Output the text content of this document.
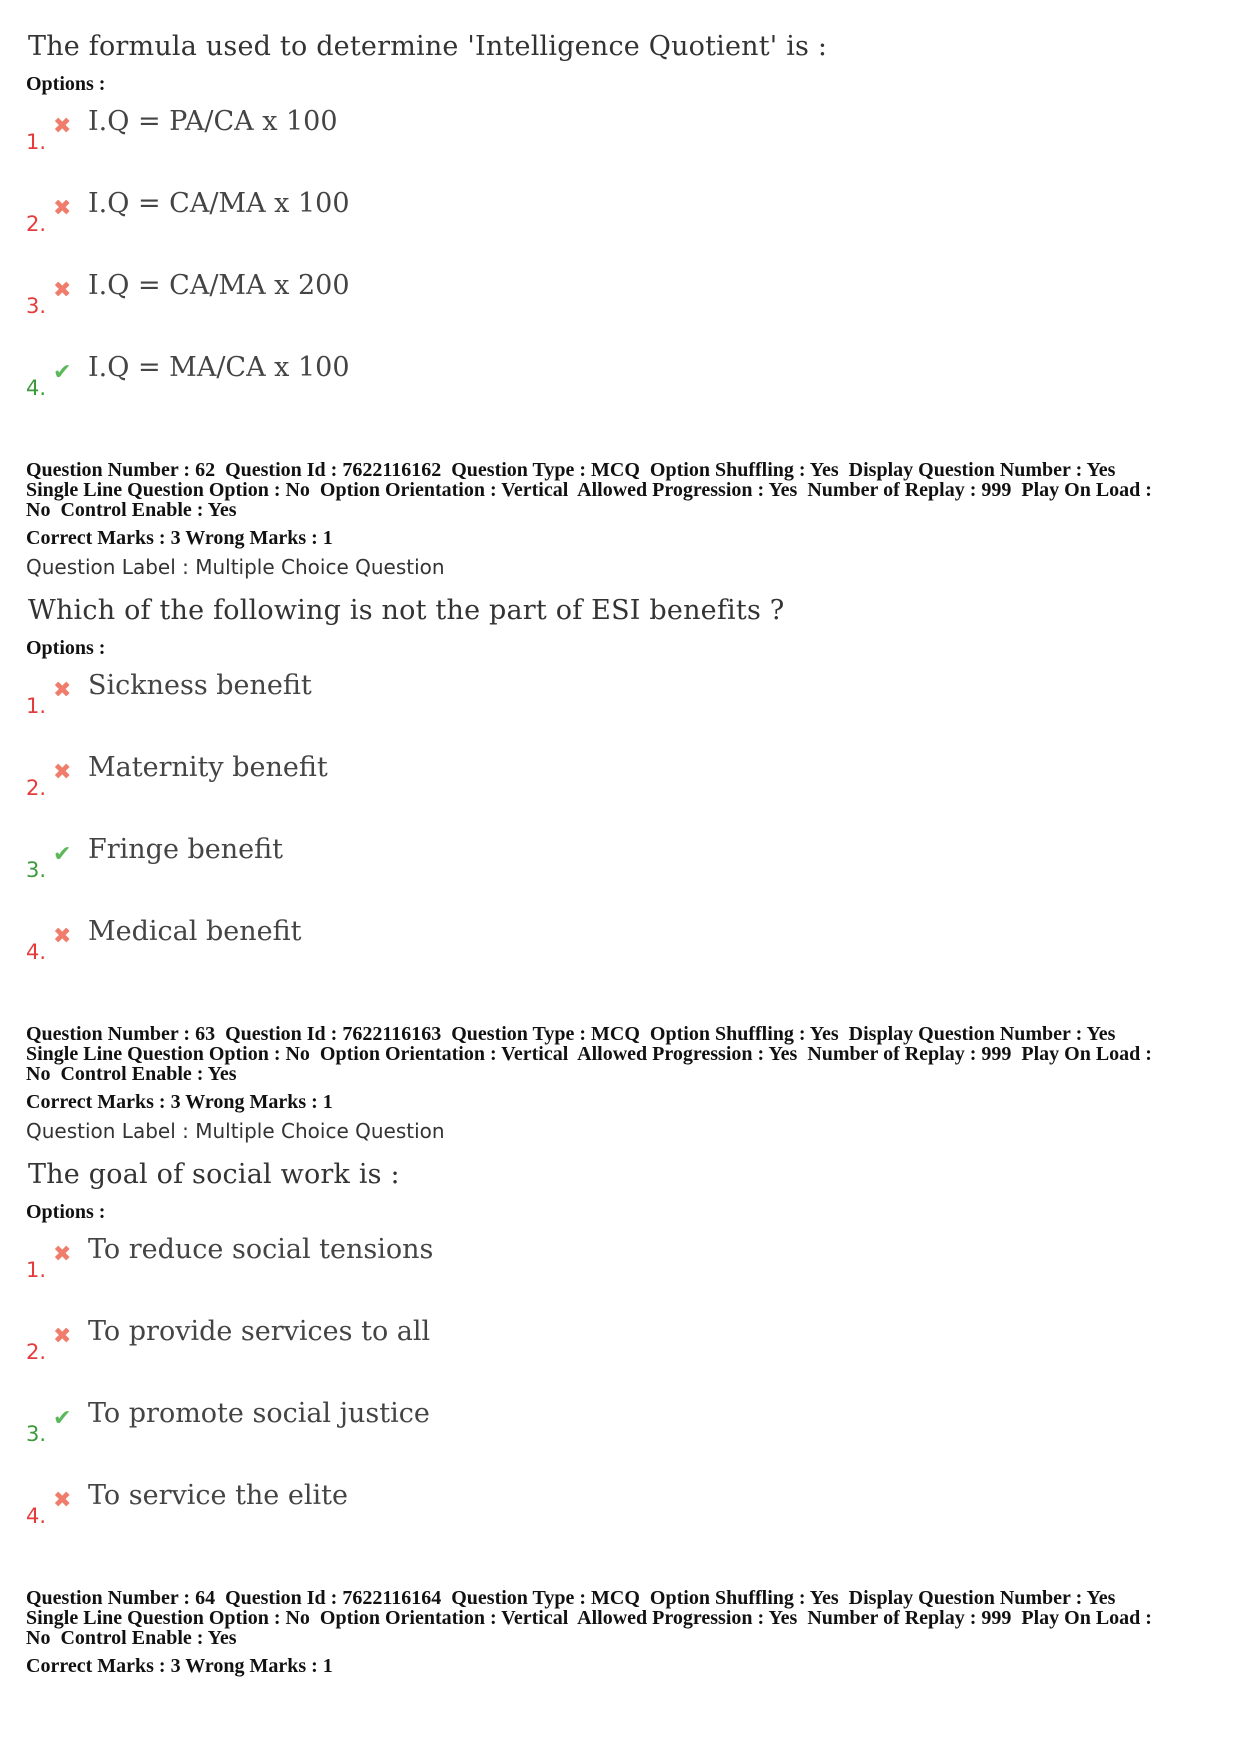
The formula used to determine 'Intelligence Quotient' is :
Options :
1.
✖ I.Q = PA/CA x 100
2.
✖ I.Q = CA/MA x 100
3.
✖ I.Q = CA/MA x 200
4.
✔ I.Q = MA/CA x 100
Question Number : 62  Question Id : 7622116162  Question Type : MCQ  Option Shuffling : Yes  Display Question Number : Yes
Single Line Question Option : No  Option Orientation : Vertical  Allowed Progression : Yes  Number of Replay : 999  Play On Load :
No  Control Enable : Yes
Correct Marks : 3 Wrong Marks : 1
Question Label : Multiple Choice Question
Which of the following is not the part of ESI benefits ?
Options :
1.
✖ Sickness benefit
2.
✖ Maternity benefit
3.
✔ Fringe benefit
4.
✖ Medical benefit
Question Number : 63  Question Id : 7622116163  Question Type : MCQ  Option Shuffling : Yes  Display Question Number : Yes
Single Line Question Option : No  Option Orientation : Vertical  Allowed Progression : Yes  Number of Replay : 999  Play On Load :
No  Control Enable : Yes
Correct Marks : 3 Wrong Marks : 1
Question Label : Multiple Choice Question
The goal of social work is :
Options :
1.
✖ To reduce social tensions
2.
✖ To provide services to all
3.
✔ To promote social justice
4.
✖ To service the elite
Question Number : 64  Question Id : 7622116164  Question Type : MCQ  Option Shuffling : Yes  Display Question Number : Yes
Single Line Question Option : No  Option Orientation : Vertical  Allowed Progression : Yes  Number of Replay : 999  Play On Load :
No  Control Enable : Yes
Correct Marks : 3 Wrong Marks : 1
